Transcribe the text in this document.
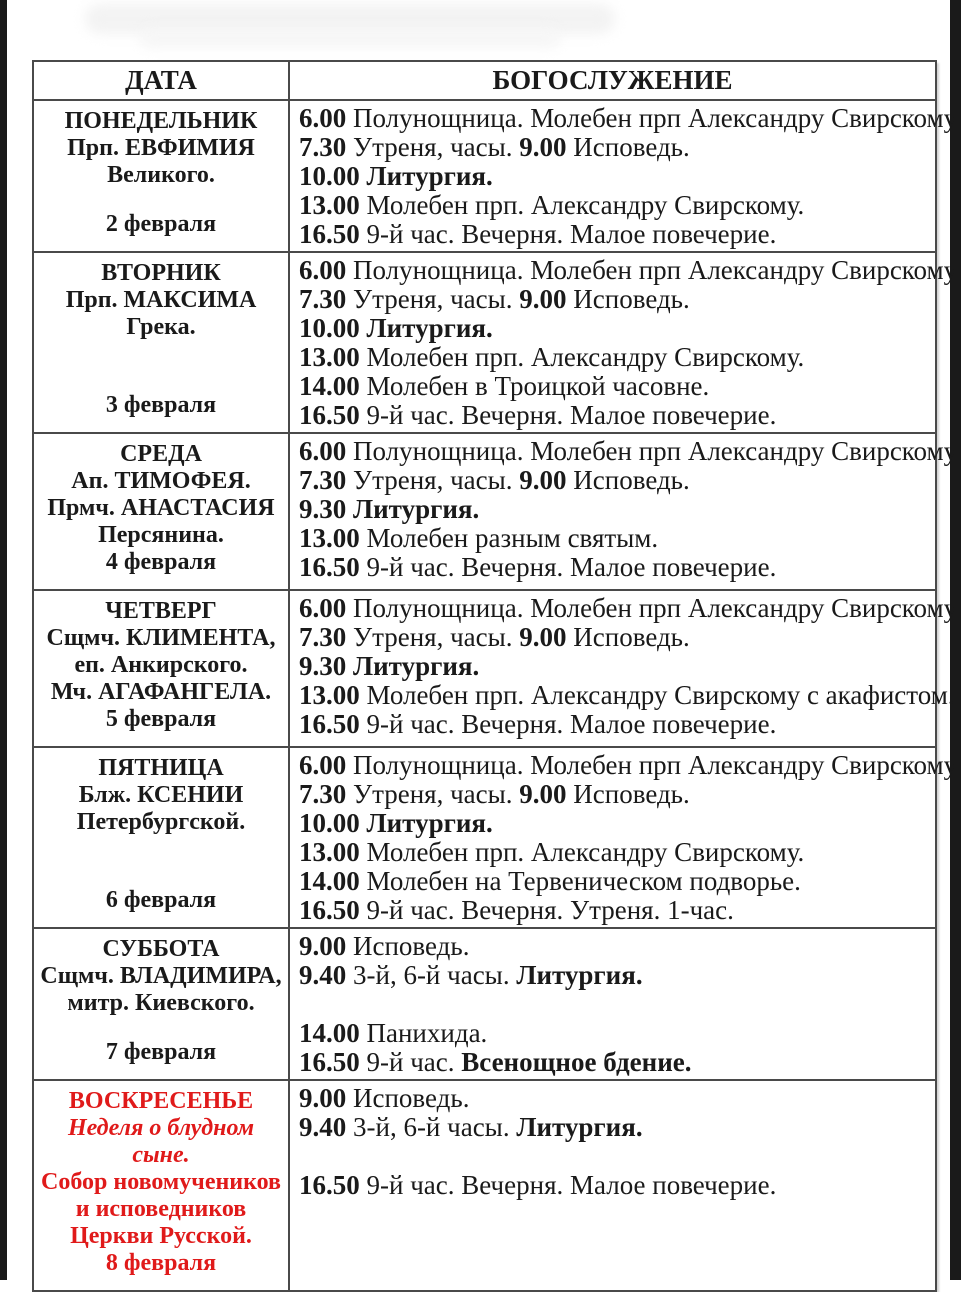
ДАТА	БОГОСЛУЖЕНИЕ
ПОНЕДЕЛЬНИК
Прп. ЕВФИМИЯ
Великого.
2 февраля
6.00 Полунощница. Молебен прп Александру Свирскому
7.30 Утреня, часы. 9.00 Исповедь.
10.00 Литургия.
13.00 Молебен прп. Александру Свирскому.
16.50 9-й час. Вечерня. Малое повечерие.
ВТОРНИК
Прп. МАКСИМА
Грека.
3 февраля
6.00 Полунощница. Молебен прп Александру Свирскому
7.30 Утреня, часы. 9.00 Исповедь.
10.00 Литургия.
13.00 Молебен прп. Александру Свирскому.
14.00 Молебен в Троицкой часовне.
16.50 9-й час. Вечерня. Малое повечерие.
СРЕДА
Ап. ТИМОФЕЯ.
Прмч. АНАСТАСИЯ
Персянина.
4 февраля
6.00 Полунощница. Молебен прп Александру Свирскому
7.30 Утреня, часы. 9.00 Исповедь.
9.30 Литургия.
13.00 Молебен разным святым.
16.50 9-й час. Вечерня. Малое повечерие.
ЧЕТВЕРГ
Сщмч. КЛИМЕНТА,
еп. Анкирского.
Мч. АГАФАНГЕЛА.
5 февраля
6.00 Полунощница. Молебен прп Александру Свирскому
7.30 Утреня, часы. 9.00 Исповедь.
9.30 Литургия.
13.00 Молебен прп. Александру Свирскому с акафистом.
16.50 9-й час. Вечерня. Малое повечерие.
ПЯТНИЦА
Блж. КСЕНИИ
Петербургской.
6 февраля
6.00 Полунощница. Молебен прп Александру Свирскому
7.30 Утреня, часы. 9.00 Исповедь.
10.00 Литургия.
13.00 Молебен прп. Александру Свирскому.
14.00 Молебен на Тервеническом подворье.
16.50 9-й час. Вечерня. Утреня. 1-час.
СУББОТА
Сщмч. ВЛАДИМИРА,
митр. Киевского.
7 февраля
9.00 Исповедь.
9.40 3-й, 6-й часы. Литургия.

14.00 Панихида.
16.50 9-й час. Всенощное бдение.
ВОСКРЕСЕНЬЕ
Неделя о блудном сыне.
Собор новомучеников
и исповедников
Церкви Русской.
8 февраля
9.00 Исповедь.
9.40 3-й, 6-й часы. Литургия.

16.50 9-й час. Вечерня. Малое повечерие.
